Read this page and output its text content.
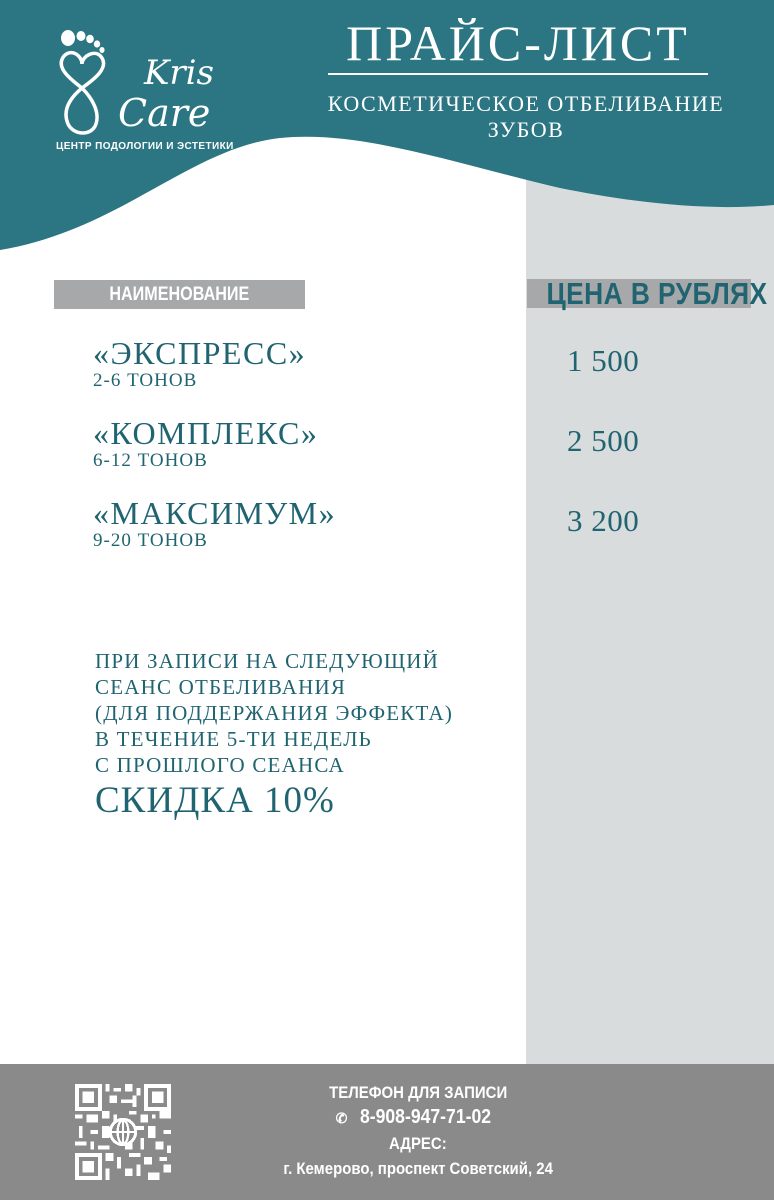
Kris
Care
ЦЕНТР ПОДОЛОГИИ И ЭСТЕТИКИ
ПРАЙС-ЛИСТ
КОСМЕТИЧЕСКОЕ ОТБЕЛИВАНИЕ ЗУБОВ
НАИМЕНОВАНИЕ	ЦЕНА В РУБЛЯХ
«ЭКСПРЕСС»
2-6 ТОНОВ
1 500
«КОМПЛЕКС»
6-12 ТОНОВ
2 500
«МАКСИМУМ»
9-20 ТОНОВ
3 200
ПРИ ЗАПИСИ НА СЛЕДУЮЩИЙ
СЕАНС ОТБЕЛИВАНИЯ
(ДЛЯ ПОДДЕРЖАНИЯ ЭФФЕКТА)
В ТЕЧЕНИЕ 5-ТИ НЕДЕЛЬ
С ПРОШЛОГО СЕАНСА
СКИДКА 10%
ТЕЛЕФОН ДЛЯ ЗАПИСИ
✆ 8-908-947-71-02
АДРЕС:
г. Кемерово, проспект Советский, 24
